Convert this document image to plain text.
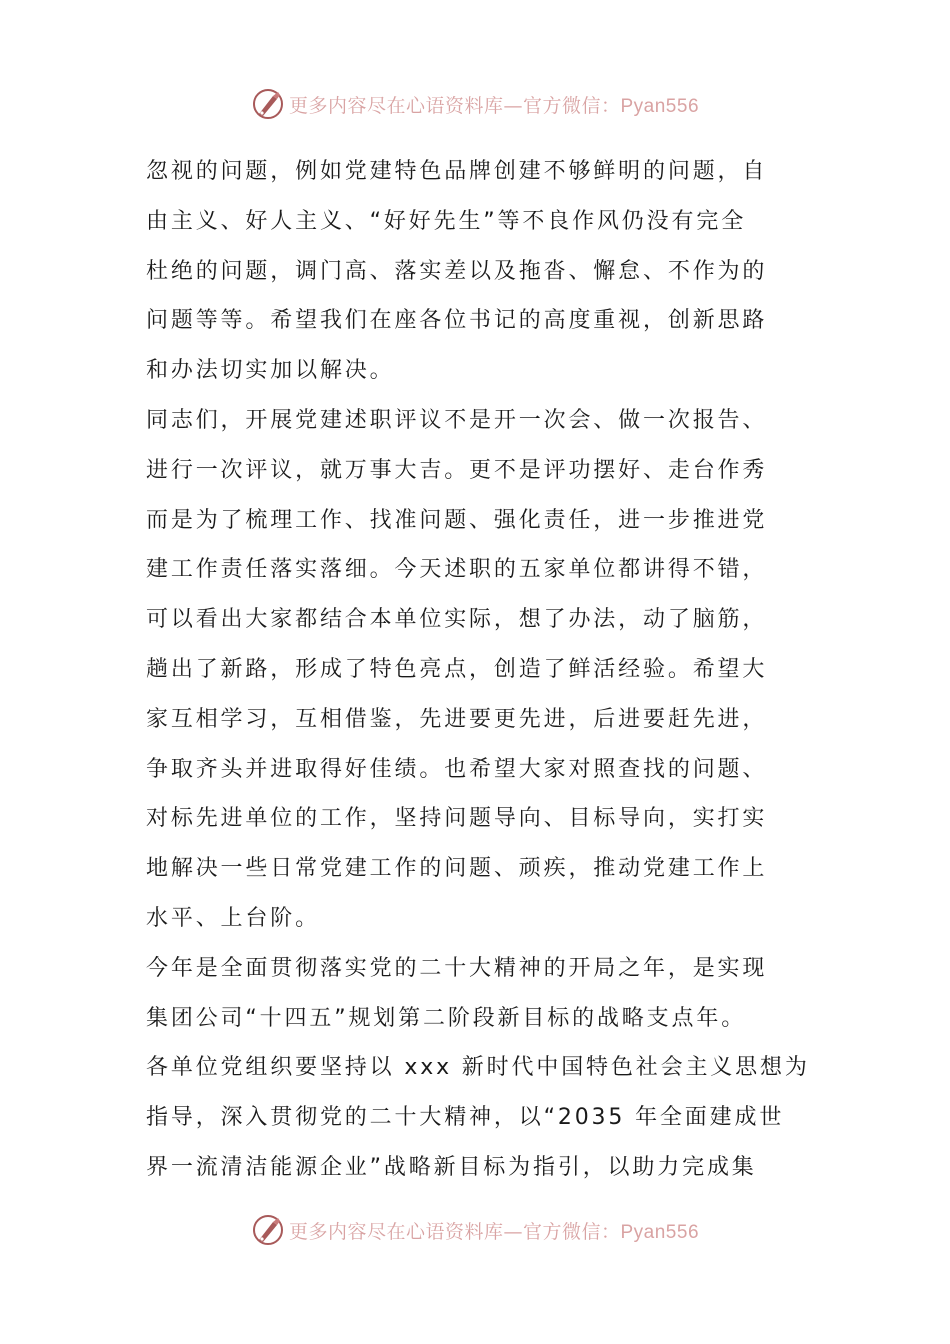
更多内容尽在心语资料库—官方微信：Pyan556
忽视的问题，例如党建特色品牌创建不够鲜明的问题，自
由主义、好人主义、“好好先生”等不良作风仍没有完全
杜绝的问题，调门高、落实差以及拖沓、懈怠、不作为的
问题等等。希望我们在座各位书记的高度重视，创新思路
和办法切实加以解决。
同志们，开展党建述职评议不是开一次会、做一次报告、
进行一次评议，就万事大吉。更不是评功摆好、走台作秀
而是为了梳理工作、找准问题、强化责任，进一步推进党
建工作责任落实落细。今天述职的五家单位都讲得不错，
可以看出大家都结合本单位实际，想了办法，动了脑筋，
趟出了新路，形成了特色亮点，创造了鲜活经验。希望大
家互相学习，互相借鉴，先进要更先进，后进要赶先进，
争取齐头并进取得好佳绩。也希望大家对照查找的问题、
对标先进单位的工作，坚持问题导向、目标导向，实打实
地解决一些日常党建工作的问题、顽疾，推动党建工作上
水平、上台阶。
今年是全面贯彻落实党的二十大精神的开局之年，是实现
集团公司“十四五”规划第二阶段新目标的战略支点年。
各单位党组织要坚持以 xxx 新时代中国特色社会主义思想为
指导，深入贯彻党的二十大精神，以“2035 年全面建成世
界一流清洁能源企业”战略新目标为指引，以助力完成集
更多内容尽在心语资料库—官方微信：Pyan556
